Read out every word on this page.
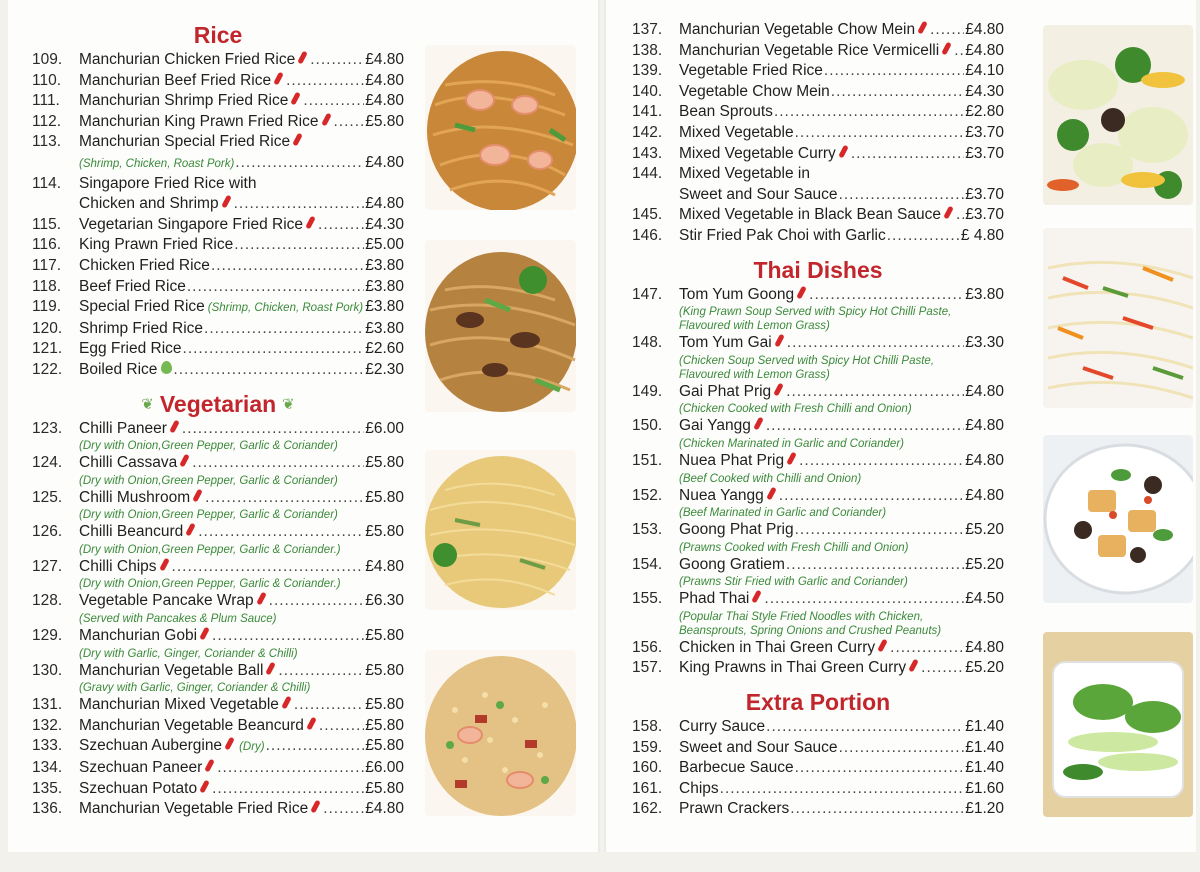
Rice
109.	Manchurian Chicken Fried Rice .....	£4.80
110.	Manchurian Beef Fried Rice .....	£4.80
111.	Manchurian Shrimp Fried Rice .....	£4.80
112.	Manchurian King Prawn Fried Rice .....	£5.80
113.	Manchurian Special Fried Rice
(Shrimp, Chicken, Roast Pork) .....	£4.80
114.	Singapore Fried Rice with
Chicken and Shrimp .....	£4.80
115.	Vegetarian Singapore Fried Rice .....	£4.30
116.	King Prawn Fried Rice .....	£5.00
117.	Chicken Fried Rice .....	£3.80
118.	Beef Fried Rice .....	£3.80
119.	Special Fried Rice (Shrimp, Chicken, Roast Pork) ..... £3.80
120.	Shrimp Fried Rice .....	£3.80
121.	Egg Fried Rice .....	£2.60
122.	Boiled Rice .....	£2.30
❦ Vegetarian ❦
123.	Chilli Paneer .....	£6.00
(Dry with Onion,Green Pepper, Garlic & Coriander)
124.	Chilli Cassava .....	£5.80
(Dry with Onion,Green Pepper, Garlic & Coriander)
125.	Chilli Mushroom .....	£5.80
(Dry with Onion,Green Pepper, Garlic & Coriander)
126.	Chilli Beancurd .....	£5.80
(Dry with Onion,Green Pepper, Garlic & Coriander.)
127.	Chilli Chips .....	£4.80
(Dry with Onion,Green Pepper, Garlic & Coriander.)
128.	Vegetable Pancake Wrap .....	£6.30
(Served with Pancakes & Plum Sauce)
129.	Manchurian Gobi .....	£5.80
(Dry with Garlic, Ginger, Coriander & Chilli)
130.	Manchurian Vegetable Ball .....	£5.80
(Gravy with Garlic, Ginger, Coriander & Chilli)
131.	Manchurian Mixed Vegetable .....	£5.80
132.	Manchurian Vegetable Beancurd .....	£5.80
133.	Szechuan Aubergine (Dry) .....	£5.80
134.	Szechuan Paneer .....	£6.00
135.	Szechuan Potato .....	£5.80
136.	Manchurian Vegetable Fried Rice .....	£4.80
137.	Manchurian Vegetable Chow Mein .....	£4.80
138.	Manchurian Vegetable Rice Vermicelli ..... £4.80
139.	Vegetable Fried Rice .....	£4.10
140.	Vegetable Chow Mein .....	£4.30
141.	Bean Sprouts .....	£2.80
142.	Mixed Vegetable .....	£3.70
143.	Mixed Vegetable Curry .....	£3.70
144.	Mixed Vegetable in
Sweet and Sour Sauce .....	£3.70
145.	Mixed Vegetable in Black Bean Sauce ..... £3.70
146.	Stir Fried Pak Choi with Garlic .....	£ 4.80
Thai Dishes
147.	Tom Yum Goong .....	£3.80
(King Prawn Soup Served with Spicy Hot Chilli Paste,
Flavoured with Lemon Grass)
148.	Tom Yum Gai .....	£3.30
(Chicken Soup Served with Spicy Hot Chilli Paste,
Flavoured with Lemon Grass)
149.	Gai Phat Prig .....	£4.80
(Chicken Cooked with Fresh Chilli and Onion)
150.	Gai Yangg .....	£4.80
(Chicken Marinated in Garlic and Coriander)
151.	Nuea Phat Prig .....	£4.80
(Beef Cooked with Chilli and Onion)
152.	Nuea Yangg .....	£4.80
(Beef Marinated in Garlic and Coriander)
153.	Goong Phat Prig .....	£5.20
(Prawns Cooked with Fresh Chilli and Onion)
154.	Goong Gratiem .....	£5.20
(Prawns Stir Fried with Garlic and Coriander)
155.	Phad Thai .....	£4.50
(Popular Thai Style Fried Noodles with Chicken,
Beansprouts, Spring Onions and Crushed Peanuts)
156.	Chicken in Thai Green Curry .....	£4.80
157.	King Prawns in Thai Green Curry .....	£5.20
Extra Portion
158.	Curry Sauce .....	£1.40
159.	Sweet and Sour Sauce .....	£1.40
160.	Barbecue Sauce .....	£1.40
161.	Chips .....	£1.60
162.	Prawn Crackers .....	£1.20
